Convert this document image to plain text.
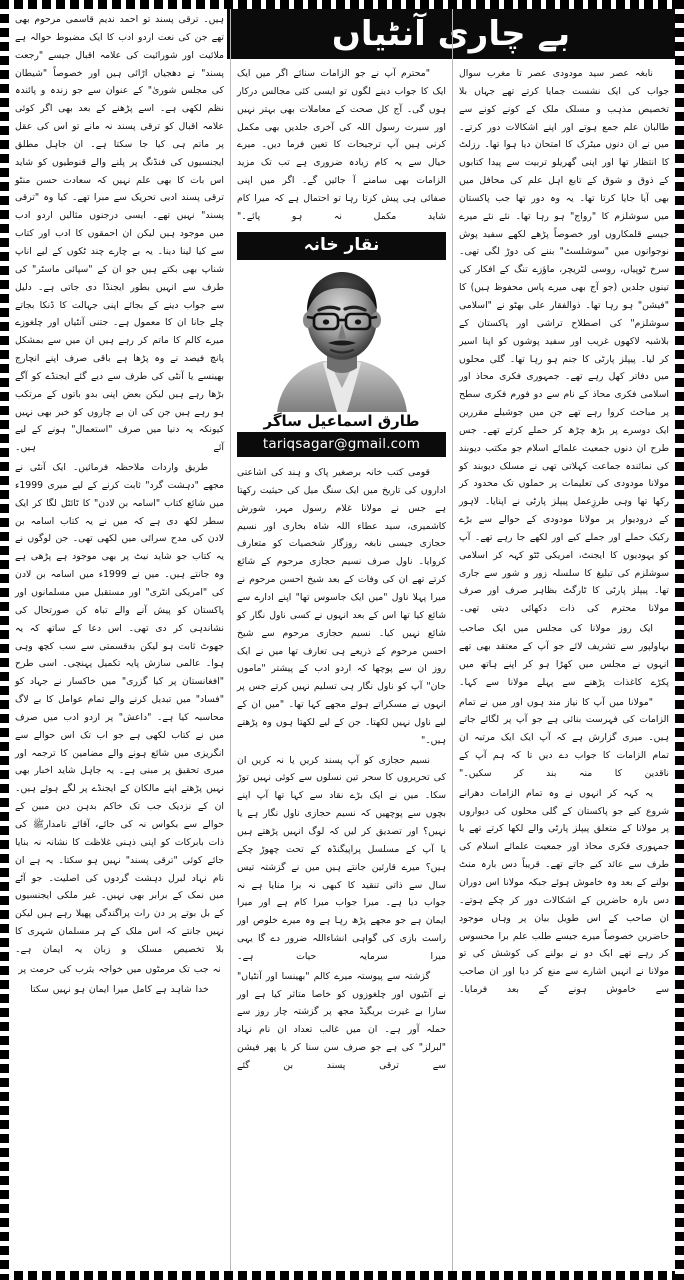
بے چاری آنٹیاں

نابغہ عصر سید مودودی عصر تا مغرب سوال جواب کی ایک نشست جمایا کرتے تھے جہاں بلا تخصیص مذہب و مسلک ملک کے کونے کونے سے طالبان علم جمع ہوتے اور اپنے اشکالات دور کرتے۔ میں نے ان دنوں میٹرک کا امتحان دیا ہوا تھا۔ رزلٹ کا انتظار تھا اور اپنی گھریلو تربیت سے پیدا کتابوں کے ذوق و شوق کے تابع اہل علم کی محافل میں بھی آیا جایا کرتا تھا۔ یہ وہ دور تھا جب پاکستان میں سوشلزم کا "رواج" ہو رہا تھا۔ نئے نئے میرے جیسے قلمکاروں اور خصوصاً پڑھے لکھے سفید پوش نوجوانوں میں "سوشلسٹ" بننے کی دوڑ لگی تھی۔ سرخ ٹوپیاں، روسی لٹریچر، ماؤزے تنگ کے افکار کی تینوں جلدیں (جو آج بھی میرے پاس محفوظ ہیں) کا "فیشن" ہو رہا تھا۔ ذوالفقار علی بھٹو نے "اسلامی سوشلزم" کی اصطلاح تراشی اور پاکستان کے بلاشبہ لاکھوں غریب اور سفید پوشوں کو اپنا اسیر کر لیا۔ پیپلز پارٹی کا جنم ہو رہا تھا۔ گلی محلوں میں دفاتر کھل رہے تھے۔ جمہوری فکری محاذ اور اسلامی فکری محاذ کے نام سے دو فورم فکری سطح پر مباحث کروا رہے تھے جن میں جوشیلے مقررین ایک دوسرے پر بڑھ چڑھ کر حملے کرتے تھے۔ جس طرح ان دنوں جمعیت علمائے اسلام جو مکتب دیوبند کی نمائندہ جماعت کہلاتی تھی نے مسلک دیوبند کو مولانا مودودی کی تعلیمات پر حملوں تک محدود کر رکھا تھا وہی طرزِعمل پیپلز پارٹی نے اپنایا۔ لاہور کے درودیوار پر مولانا مودودی کے حوالے سے بڑے رکیک حملے اور جملے کیے اور لکھے جا رہے تھے۔ آپ کو یہودیوں کا ایجنٹ، امریکی ٹٹو کہہ کر اسلامی سوشلزم کی تبلیغ کا سلسلہ زور و شور سے جاری تھا۔ پیپلز پارٹی کا ٹارگٹ بظاہر صرف اور صرف مولانا محترم کی ذات دکھائی دیتی تھی۔

ایک روز مولانا کی مجلس میں ایک صاحب بہاولپور سے تشریف لائے جو آپ کے معتقد بھی تھے انہوں نے مجلس میں کھڑا ہو کر اپنے ہاتھ میں پکڑے کاغذات پڑھنے سے پہلے مولانا سے کہا۔

"مولانا میں آپ کا نیاز مند ہوں اور میں نے تمام الزامات کی فہرست بنائی ہے جو آپ پر لگائے جاتے ہیں۔ میری گزارش ہے کہ آپ ایک ایک مرتبہ ان تمام الزامات کا جواب دے دیں تا کہ ہم آپ کے ناقدین کا منہ بند کر سکیں۔"

یہ کہہ کر انہوں نے وہ تمام الزامات دھرانے شروع کیے جو پاکستان کے گلی محلوں کی دیواروں پر مولانا کے متعلق پیپلز پارٹی والے لکھا کرتے تھے یا جمہوری فکری محاذ اور جمعیت علمائے اسلام کی طرف سے عائد کیے جاتے تھے۔ قریباً دس بارہ منٹ بولنے کے بعد وہ خاموش ہوئے جبکہ مولانا اس دوران دس بارہ حاضرین کے اشکالات دور کر چکے ہوتے۔ ان صاحب کے اس طویل بیان پر وہاں موجود حاضرین خصوصاً میرے جیسے طلب علم برا محسوس کر رہے تھے ایک دو نے بولنے کی کوشش کی تو مولانا نے انہیں اشارے سے منع کر دیا اور ان صاحب سے خاموش ہونے کے بعد فرمایا۔

"محترم آپ نے جو الزامات سنائے اگر میں ایک ایک کا جواب دینے لگوں تو ایسی کئی مجالس درکار ہوں گی۔ آج کل صحت کے معاملات بھی بہتر نہیں اور سیرت رسول اللہ کی آخری جلدیں بھی مکمل کرنی ہیں آپ ترجیحات کا تعین فرما دیں۔ میرے خیال سے یہ کام زیادہ ضروری ہے تب تک مزید الزامات بھی سامنے آ جائیں گے۔ اگر میں اپنی صفائی ہی پیش کرتا رہا تو احتمال ہے کہ میرا کام شاید مکمل نہ ہو پائے۔"

نقار خانہ
طارق اسماعیل ساگر
tariqsagar@gmail.com

قومی کتب خانہ برصغیر پاک و ہند کی اشاعتی اداروں کی تاریخ میں ایک سنگ میل کی حیثیت رکھتا ہے جس نے مولانا غلام رسول مہر، شورش کاشمیری، سید عطاء اللہ شاہ بخاری اور نسیم حجازی جیسی نابغہ روزگار شخصیات کو متعارف کروایا۔ ناول صرف نسیم حجازی مرحوم کے شائع کرتے تھے ان کی وفات کے بعد شیخ احسن مرحوم نے میرا پہلا ناول "میں ایک جاسوس تھا" اپنے ادارے سے شائع کیا تھا اس کے بعد انہوں نے کسی ناول نگار کو شائع نہیں کیا۔ نسیم حجازی مرحوم سے شیخ احسن مرحوم کے ذریعے ہی تعارف تھا میں نے ایک روز ان سے پوچھا کہ اردو ادب کے پیشتر "ماموں جان" آپ کو ناول نگار ہی تسلیم نہیں کرتے جس پر انہوں نے مسکراتے ہوئے مجھے کہا تھا۔ "میں ان کے لیے ناول نہیں لکھتا۔ جن کے لیے لکھتا ہوں وہ پڑھتے ہیں۔"

نسیم حجازی کو آپ پسند کریں یا نہ کریں ان کی تحریروں کا سحر تین نسلوں سے کوئی نہیں توڑ سکا۔ میں نے ایک بڑے نقاد سے کہا تھا آپ اپنے بچوں سے پوچھیں کہ نسیم حجازی ناول نگار ہے یا نہیں؟ اور تصدیق کر لیں کہ لوگ انہیں پڑھتے ہیں یا آپ کے مسلسل پراپیگنڈہ کے تحت چھوڑ چکے ہیں؟ میرے قارئین جانتے ہیں میں نے گزشتہ تیس سال سے ذاتی تنقید کا کبھی نہ برا منایا ہے نہ جواب دیا ہے۔ میرا جواب میرا کام ہے اور میرا ایمان ہے جو مجھے پڑھ رہا ہے وہ میرے خلوص اور راست بازی کی گواہی انشاءاللہ ضرور دے گا یہی میرا سرمایہ حیات ہے۔

گزشتہ سے پیوستہ میرے کالم "بھینسا اور آنٹیاں" نے آنٹیوں اور چلغوزوں کو خاصا متاثر کیا ہے اور سارا بے غیرت بریگیڈ مجھ پر گزشتہ چار روز سے حملہ آور ہے۔ ان میں غالب تعداد ان نام نہاد "لبرلز" کی ہے جو صرف سن سنا کر یا پھر فیشن سے ترقی پسند بن گئے

ہیں۔ ترقی پسند تو احمد ندیم قاسمی مرحوم بھی تھے جن کی نعت اردو ادب کا ایک مضبوط حوالہ ہے ملائیت اور شورائیت کی علامہ اقبال جیسے "رجعت پسند" نے دھجیاں اڑائی ہیں اور خصوصاً "شیطان کی مجلس شوریٰ" کے عنوان سے جو زندہ و پائندہ نظم لکھی ہے۔ اسے پڑھنے کے بعد بھی اگر کوئی علامہ اقبال کو ترقی پسند نہ مانے تو اس کی عقل پر ماتم ہی کیا جا سکتا ہے۔ ان جاہل مطلق ایجنسیوں کی فنڈنگ پر پلنے والے قنوطیوں کو شاید اس بات کا بھی علم نہیں کہ سعادت حسن منٹو ترقی پسند ادبی تحریک سے مبرا تھے۔ کیا وہ "ترقی پسند" نہیں تھے۔ ایسی درجنوں مثالیں اردو ادب میں موجود ہیں لیکن ان احمقوں کا ادب اور کتاب سے کیا لینا دینا۔ یہ بے چارے چند ٹکوں کے لیے اناپ شناپ بھی بکتے ہیں جو ان کے "سپائی ماسٹر" کی طرف سے انہیں بطور ایجنڈا دی جاتی ہے۔ دلیل سے جواب دینے کے بجائے اپنی جہالت کا ڈنکا بجاتے چلے جانا ان کا معمول ہے۔ جتنی آنٹیاں اور چلغوزے میرے کالم کا ماتم کر رہے ہیں ان میں سے بمشکل پانچ فیصد نے وہ پڑھا ہے باقی صرف اپنے انچارج بھینسے یا آنٹی کی طرف سے دیے گئے ایجنڈے کو آگے بڑھا رہے ہیں لیکن بعض اپنی بدو باتوں کے مرتکب ہو رہے ہیں جن کی ان بے چاروں کو خبر بھی نہیں کیونکہ یہ دنیا میں صرف "استعمال" ہونے کے لیے آئے ہیں۔

طریق واردات ملاحظہ فرمائیں۔ ایک آنٹی نے مجھے "دہشت گرد" ثابت کرنے کے لیے میری 1999ء میں شائع کتاب "اسامہ بن لادن" کا ٹائٹل لگا کر ایک سطر لکھ دی ہے کہ میں نے یہ کتاب اسامہ بن لادن کی مدح سرائی میں لکھی تھی۔ جن لوگوں نے یہ کتاب جو شاید نیٹ پر بھی موجود ہے پڑھی ہے وہ جانتے ہیں۔ میں نے 1999ء میں اسامہ بن لادن کی "امریکی انٹری" اور مستقبل میں مسلمانوں اور پاکستان کو پیش آنے والے تباہ کن صورتحال کی نشاندہی کر دی تھی۔ اس دعا کے ساتھ کہ یہ جھوٹ ثابت ہو لیکن بدقسمتی سے سب کچھ وہی ہوا۔ عالمی سازش پایہ تکمیل پہنچی۔ اسی طرح "افغانستان پر کیا گزری" میں خاکسار نے جہاد کو "فساد" میں تبدیل کرنے والے تمام عوامل کا بے لاگ محاسبہ کیا ہے۔ "داعش" پر اردو ادب میں صرف میں نے کتاب لکھی ہے جو اب تک اس حوالے سے انگریزی میں شائع ہونے والے مضامین کا ترجمہ اور میری تحقیق پر مبنی ہے۔ یہ جاہل شاید اخبار بھی نہیں پڑھتے اپنے مالکان کے ایجنڈے پر لگے ہوئے ہیں۔ ان کے نزدیک جب تک خاکم بدہن دین مبین کے حوالے سے بکواس نہ کی جائے، آقائے نامدارﷺ کی ذات بابرکات کو اپنی ذہنی غلاظت کا نشانہ نہ بنایا جائے کوئی "ترقی پسند" نہیں ہو سکتا۔ یہ ہے ان نام نہاد لبرل دہشت گردوں کی اصلیت۔ جو آٹے میں نمک کے برابر بھی نہیں۔ غیر ملکی ایجنسیوں کے بل بوتے پر دن رات پراگندگی پھیلا رہے ہیں لیکن نہیں جانتے کہ اس ملک کے ہر مسلمان شہری کا بلا تخصیص مسلک و زبان یہ ایمان ہے۔

نہ جب تک مرمٹوں میں خواجہ یثرب کی حرمت پر

خدا شاہد ہے کامل میرا ایمان ہو نہیں سکتا
